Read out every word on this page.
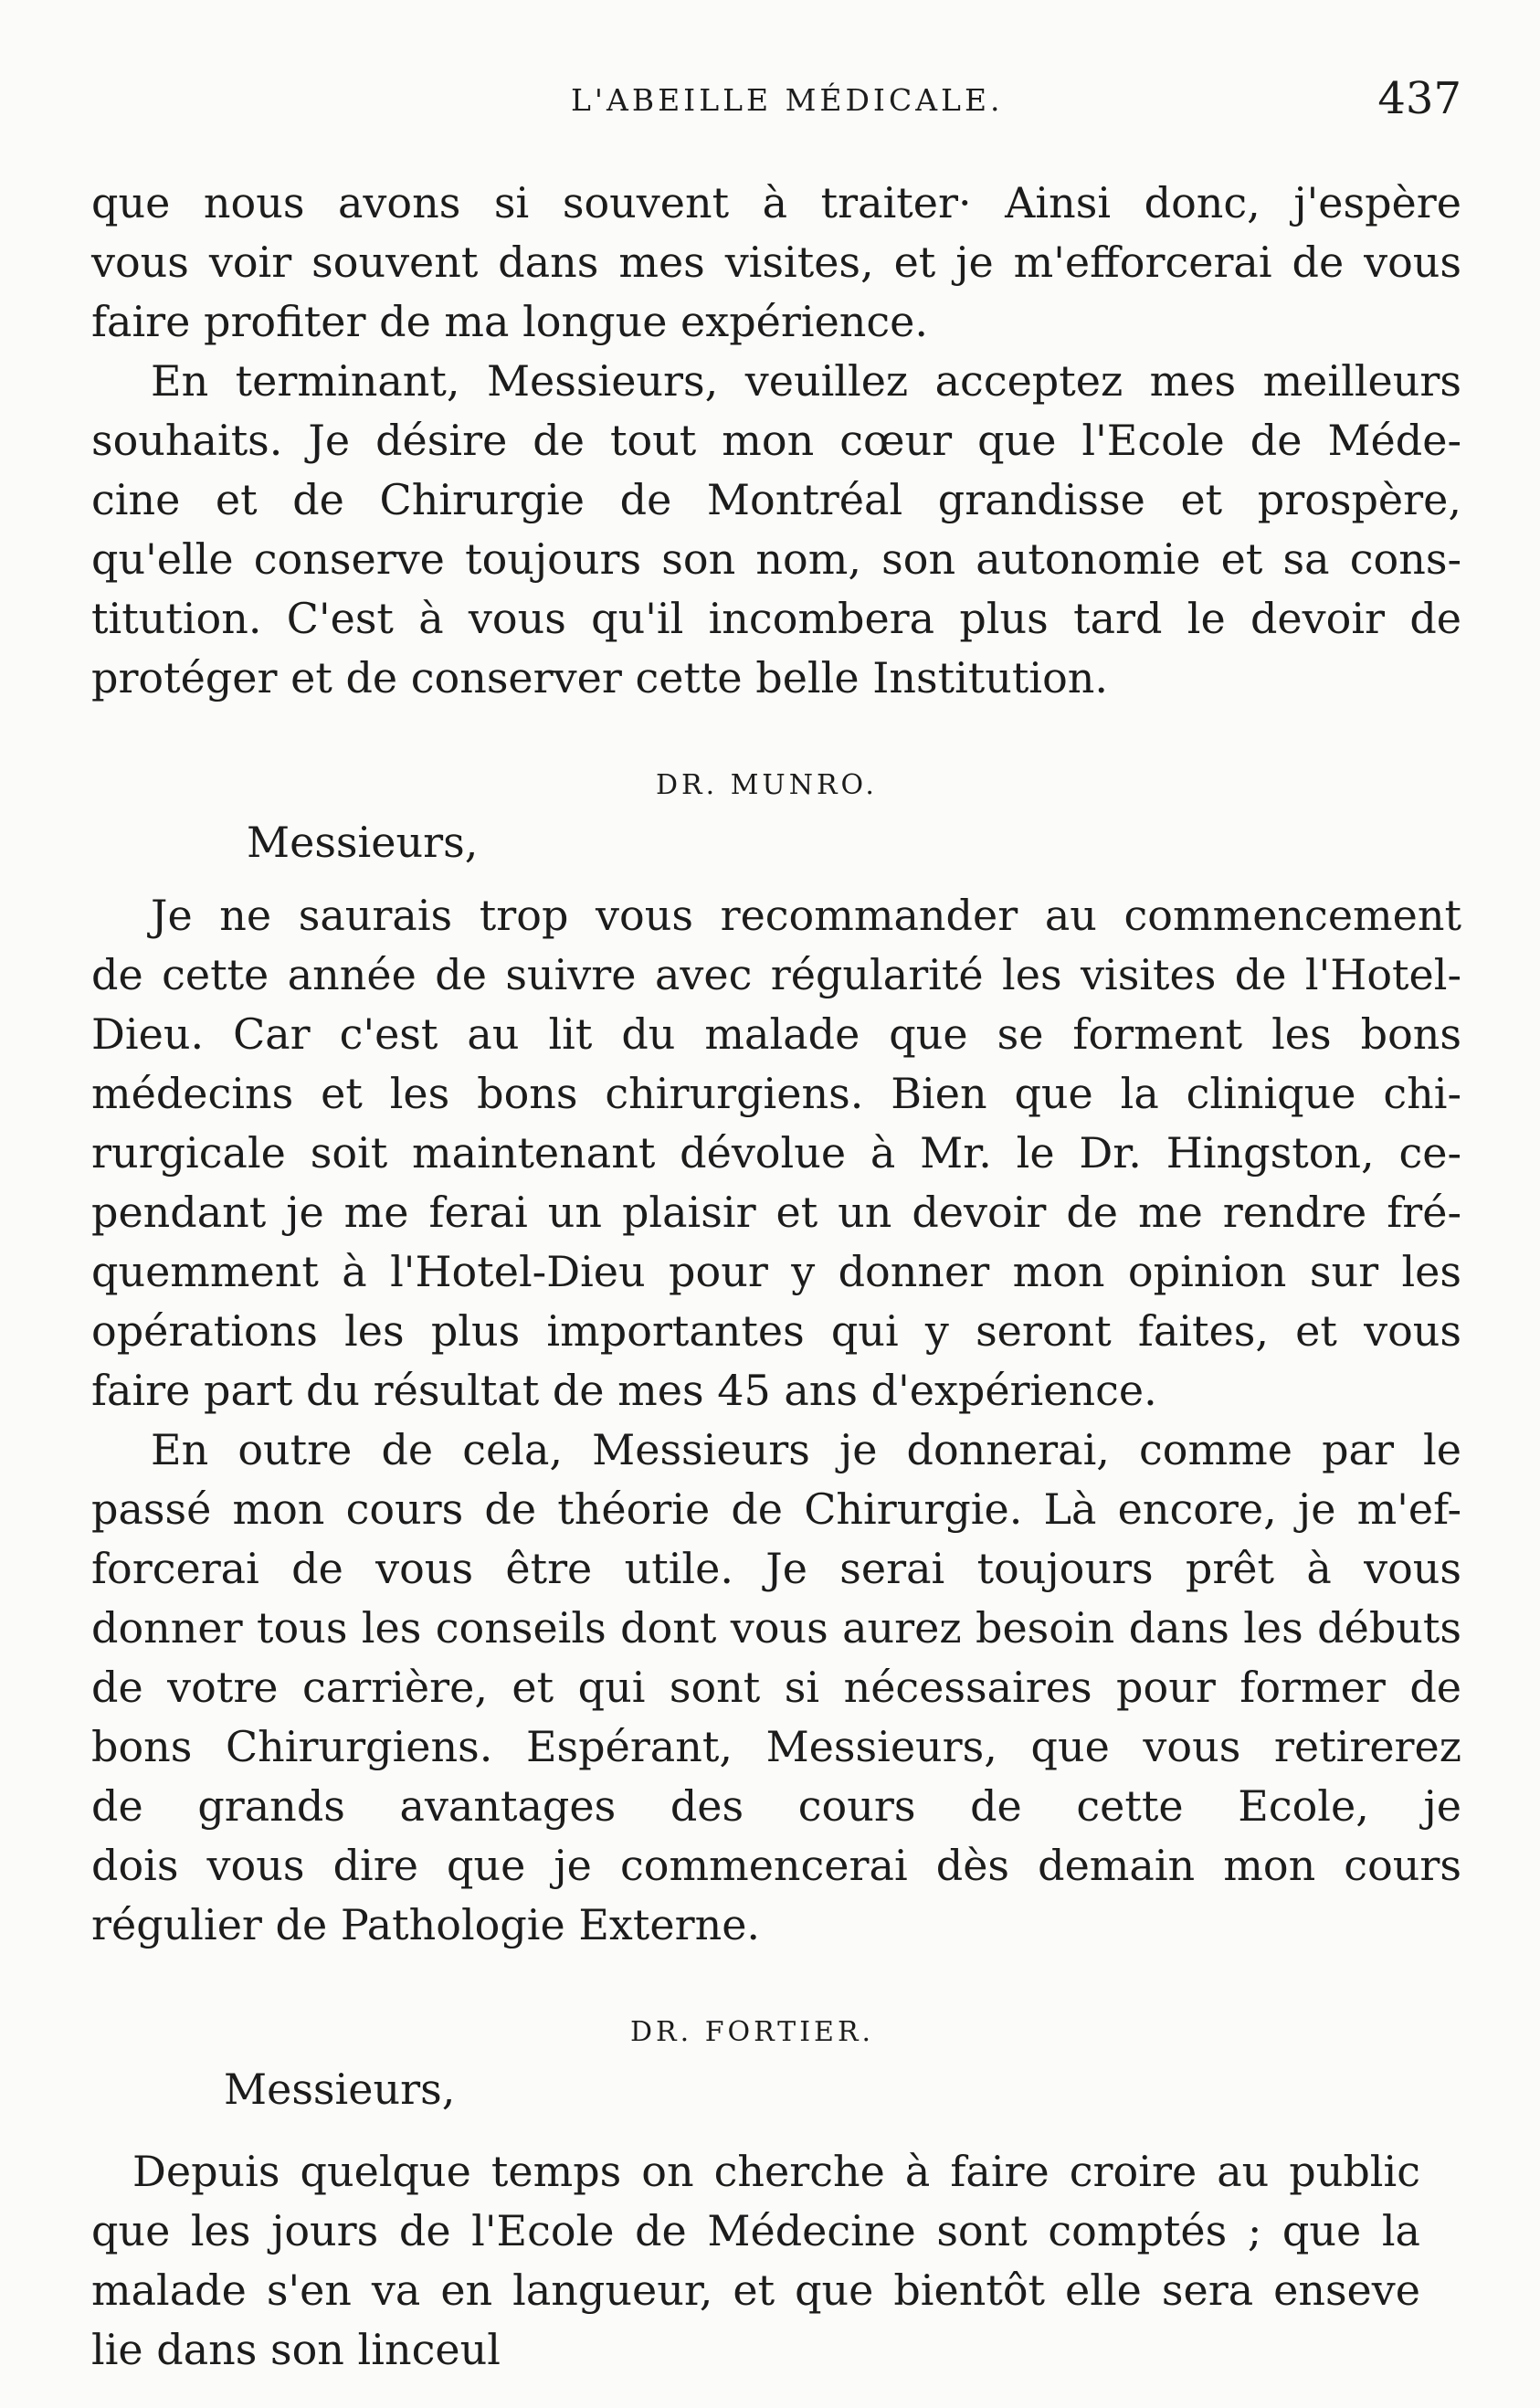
L'ABEILLE MÉDICALE.	437
que nous avons si souvent à traiter· Ainsi donc, j'espère
vous voir souvent dans mes visites, et je m'efforcerai de vous
faire profiter de ma longue expérience.
En terminant, Messieurs, veuillez acceptez mes meilleurs
souhaits. Je désire de tout mon cœur que l'Ecole de Méde-
cine et de Chirurgie de Montréal grandisse et prospère,
qu'elle conserve toujours son nom, son autonomie et sa cons-
titution. C'est à vous qu'il incombera plus tard le devoir de
protéger et de conserver cette belle Institution.
DR. MUNRO.
Messieurs,
Je ne saurais trop vous recommander au commencement
de cette année de suivre avec régularité les visites de l'Hotel-
Dieu. Car c'est au lit du malade que se forment les bons
médecins et les bons chirurgiens. Bien que la clinique chi-
rurgicale soit maintenant dévolue à Mr. le Dr. Hingston, ce-
pendant je me ferai un plaisir et un devoir de me rendre fré-
quemment à l'Hotel-Dieu pour y donner mon opinion sur les
opérations les plus importantes qui y seront faites, et vous
faire part du résultat de mes 45 ans d'expérience.
En outre de cela, Messieurs je donnerai, comme par le
passé mon cours de théorie de Chirurgie. Là encore, je m'ef-
forcerai de vous être utile. Je serai toujours prêt à vous
donner tous les conseils dont vous aurez besoin dans les débuts
de votre carrière, et qui sont si nécessaires pour former de
bons Chirurgiens. Espérant, Messieurs, que vous retirerez
de grands avantages des cours de cette Ecole, je
dois vous dire que je commencerai dès demain mon cours
régulier de Pathologie Externe.
DR. FORTIER.
Messieurs,
Depuis quelque temps on cherche à faire croire au public
que les jours de l'Ecole de Médecine sont comptés ; que la
malade s'en va en langueur, et que bientôt elle sera enseve
lie dans son linceul
